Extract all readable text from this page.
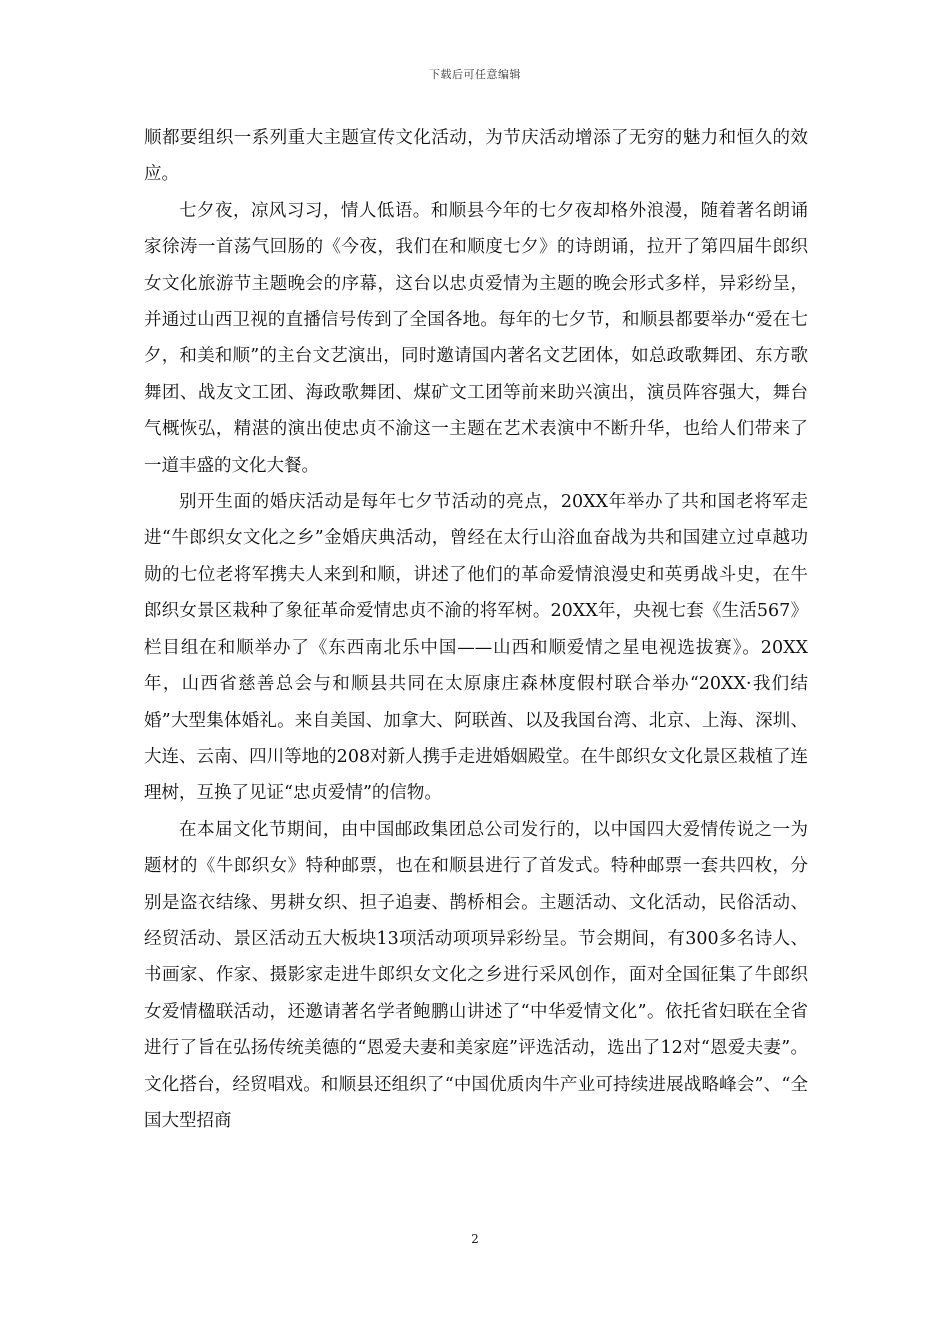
下载后可任意编辑

顺都要组织一系列重大主题宣传文化活动，为节庆活动增添了无穷的魅力和恒久的效应。

七夕夜，凉风习习，情人低语。和顺县今年的七夕夜却格外浪漫，随着著名朗诵家徐涛一首荡气回肠的《今夜，我们在和顺度七夕》的诗朗诵，拉开了第四届牛郎织女文化旅游节主题晚会的序幕，这台以忠贞爱情为主题的晚会形式多样，异彩纷呈，并通过山西卫视的直播信号传到了全国各地。每年的七夕节，和顺县都要举办“爱在七夕，和美和顺”的主台文艺演出，同时邀请国内著名文艺团体，如总政歌舞团、东方歌舞团、战友文工团、海政歌舞团、煤矿文工团等前来助兴演出，演员阵容强大，舞台气概恢弘，精湛的演出使忠贞不渝这一主题在艺术表演中不断升华，也给人们带来了一道丰盛的文化大餐。

别开生面的婚庆活动是每年七夕节活动的亮点，20XX年举办了共和国老将军走进“牛郎织女文化之乡”金婚庆典活动，曾经在太行山浴血奋战为共和国建立过卓越功勋的七位老将军携夫人来到和顺，讲述了他们的革命爱情浪漫史和英勇战斗史，在牛郎织女景区栽种了象征革命爱情忠贞不渝的将军树。20XX年，央视七套《生活567》栏目组在和顺举办了《东西南北乐中国——山西和顺爱情之星电视选拔赛》。20XX年，山西省慈善总会与和顺县共同在太原康庄森林度假村联合举办“20XX·我们结婚”大型集体婚礼。来自美国、加拿大、阿联酋、以及我国台湾、北京、上海、深圳、大连、云南、四川等地的208对新人携手走进婚姻殿堂。在牛郎织女文化景区栽植了连理树，互换了见证“忠贞爱情”的信物。

在本届文化节期间，由中国邮政集团总公司发行的，以中国四大爱情传说之一为题材的《牛郎织女》特种邮票，也在和顺县进行了首发式。特种邮票一套共四枚，分别是盗衣结缘、男耕女织、担子追妻、鹊桥相会。主题活动、文化活动，民俗活动、经贸活动、景区活动五大板块13项活动项项异彩纷呈。节会期间，有300多名诗人、书画家、作家、摄影家走进牛郎织女文化之乡进行采风创作，面对全国征集了牛郎织女爱情楹联活动，还邀请著名学者鲍鹏山讲述了“中华爱情文化”。依托省妇联在全省进行了旨在弘扬传统美德的“恩爱夫妻和美家庭”评选活动，选出了12对“恩爱夫妻”。文化搭台，经贸唱戏。和顺县还组织了“中国优质肉牛产业可持续进展战略峰会”、“全国大型招商

2
